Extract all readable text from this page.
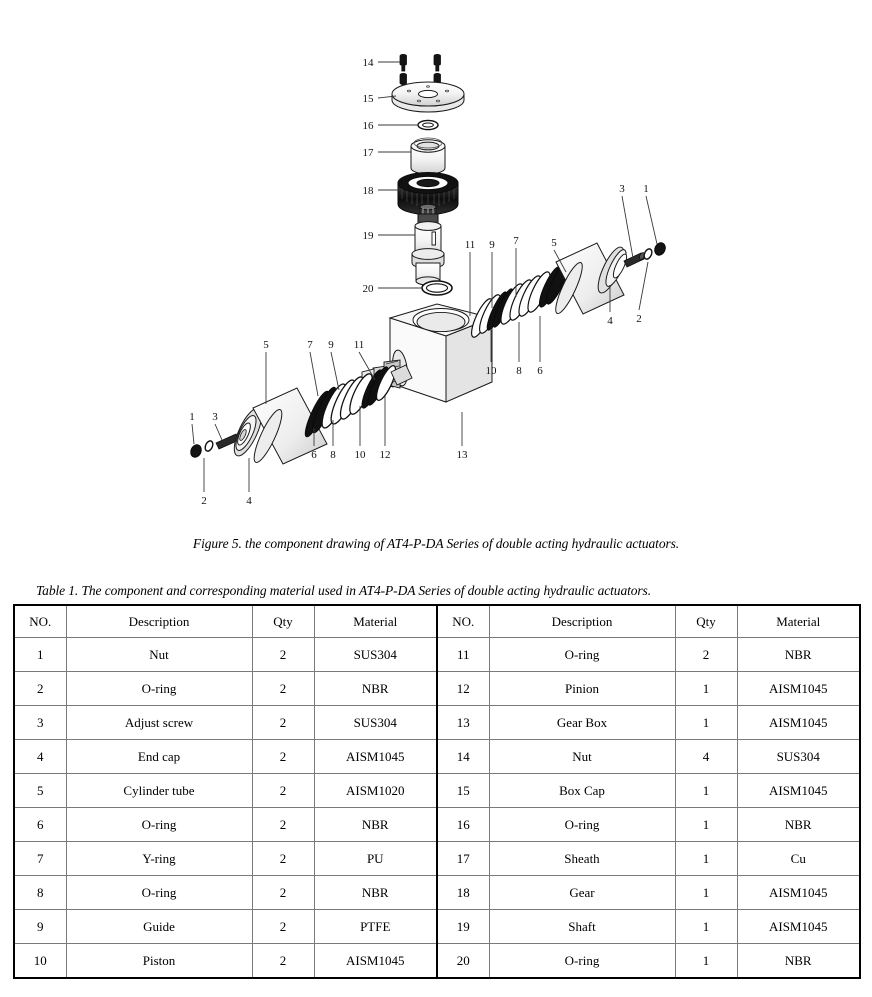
14
15
16
17
18
19
20
11 9 7	5
3 1
10 8 6
4 2
5	7 9 11
1 3
2	4
6 8 10 12	13
Figure 5. the component drawing of AT4-P-DA Series of double acting hydraulic actuators.
Table 1. The component and corresponding material used in AT4-P-DA Series of double acting hydraulic actuators.
NO.	Description	Qty	Material	NO.	Description	Qty	Material
1	Nut	2	SUS304	11	O-ring	2	NBR
2	O-ring	2	NBR	12	Pinion	1	AISM1045
3	Adjust screw	2	SUS304	13	Gear Box	1	AISM1045
4	End cap	2	AISM1045	14	Nut	4	SUS304
5	Cylinder tube	2	AISM1020	15	Box Cap	1	AISM1045
6	O-ring	2	NBR	16	O-ring	1	NBR
7	Y-ring	2	PU	17	Sheath	1	Cu
8	O-ring	2	NBR	18	Gear	1	AISM1045
9	Guide	2	PTFE	19	Shaft	1	AISM1045
10	Piston	2	AISM1045	20	O-ring	1	NBR
